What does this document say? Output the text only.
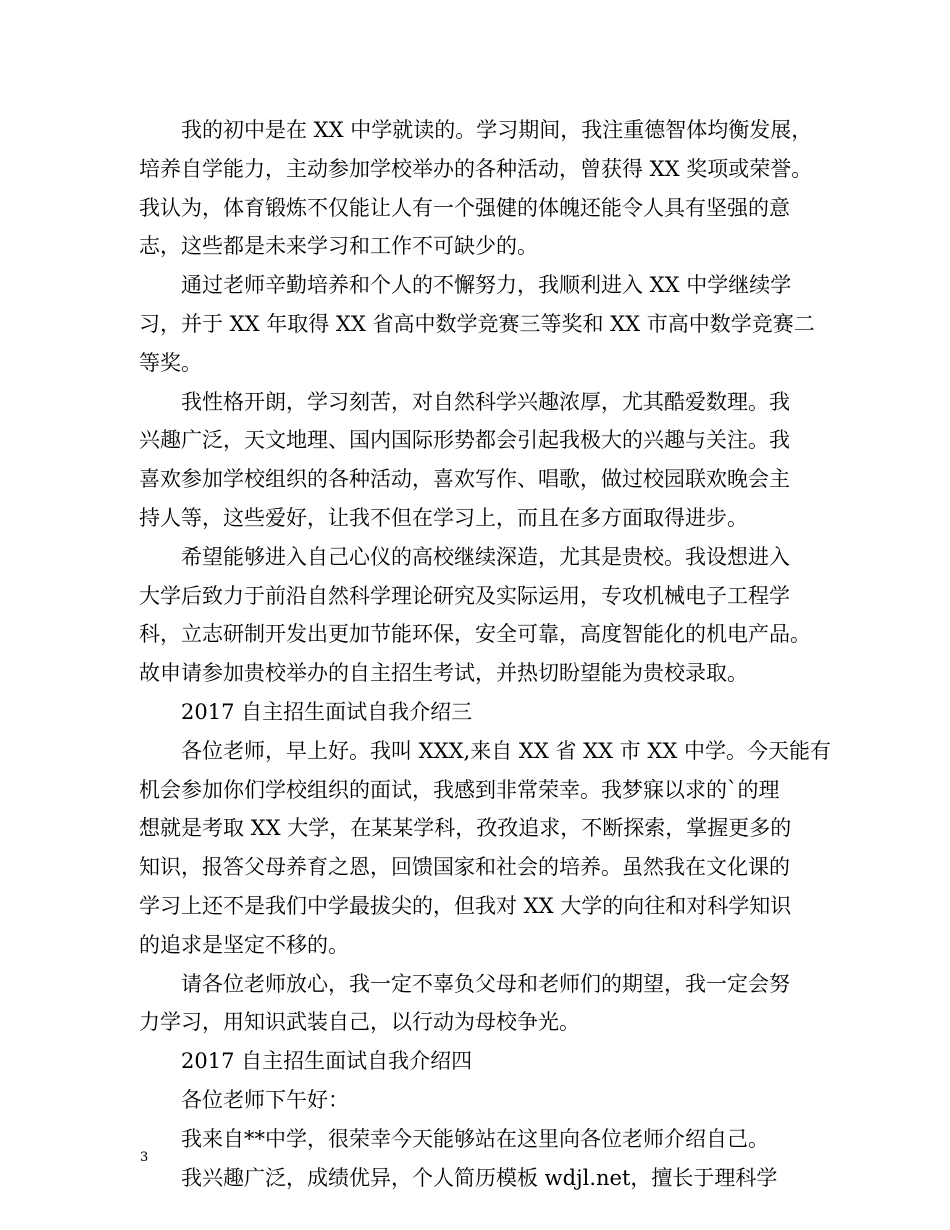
我的初中是在 XX 中学就读的。学习期间，我注重德智体均衡发展，
培养自学能力，主动参加学校举办的各种活动，曾获得 XX 奖项或荣誉。
我认为，体育锻炼不仅能让人有一个强健的体魄还能令人具有坚强的意
志，这些都是未来学习和工作不可缺少的。
通过老师辛勤培养和个人的不懈努力，我顺利进入 XX 中学继续学
习，并于 XX 年取得 XX 省高中数学竞赛三等奖和 XX 市高中数学竞赛二
等奖。
我性格开朗，学习刻苦，对自然科学兴趣浓厚，尤其酷爱数理。我
兴趣广泛，天文地理、国内国际形势都会引起我极大的兴趣与关注。我
喜欢参加学校组织的各种活动，喜欢写作、唱歌，做过校园联欢晚会主
持人等，这些爱好，让我不但在学习上，而且在多方面取得进步。
希望能够进入自己心仪的高校继续深造，尤其是贵校。我设想进入
大学后致力于前沿自然科学理论研究及实际运用，专攻机械电子工程学
科，立志研制开发出更加节能环保，安全可靠，高度智能化的机电产品。
故申请参加贵校举办的自主招生考试，并热切盼望能为贵校录取。
2017 自主招生面试自我介绍三
各位老师，早上好。我叫 XXX,来自 XX 省 XX 市 XX 中学。今天能有
机会参加你们学校组织的面试，我感到非常荣幸。我梦寐以求的`的理
想就是考取 XX 大学，在某某学科，孜孜追求，不断探索，掌握更多的
知识，报答父母养育之恩，回馈国家和社会的培养。虽然我在文化课的
学习上还不是我们中学最拔尖的，但我对 XX 大学的向往和对科学知识
的追求是坚定不移的。
请各位老师放心，我一定不辜负父母和老师们的期望，我一定会努
力学习，用知识武装自己，以行动为母校争光。
2017 自主招生面试自我介绍四
各位老师下午好：
我来自**中学，很荣幸今天能够站在这里向各位老师介绍自己。
我兴趣广泛，成绩优异，个人简历模板 wdjl.net，擅长于理科学
3
